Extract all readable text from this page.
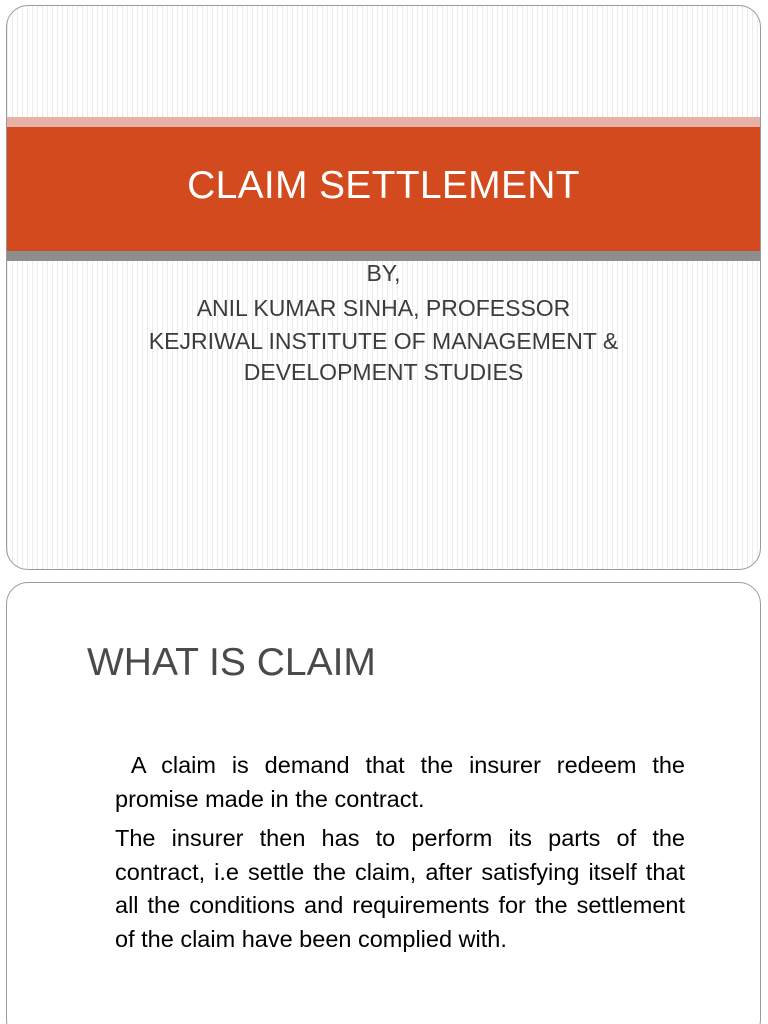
CLAIM SETTLEMENT
BY,
ANIL KUMAR SINHA, PROFESSOR
KEJRIWAL INSTITUTE OF MANAGEMENT &
DEVELOPMENT STUDIES
WHAT IS CLAIM

A claim is demand that the insurer redeem the promise made in the contract.

The insurer then has to perform its parts of the contract, i.e settle the claim, after satisfying itself that all the conditions and requirements for the settlement of the claim have been complied with.
